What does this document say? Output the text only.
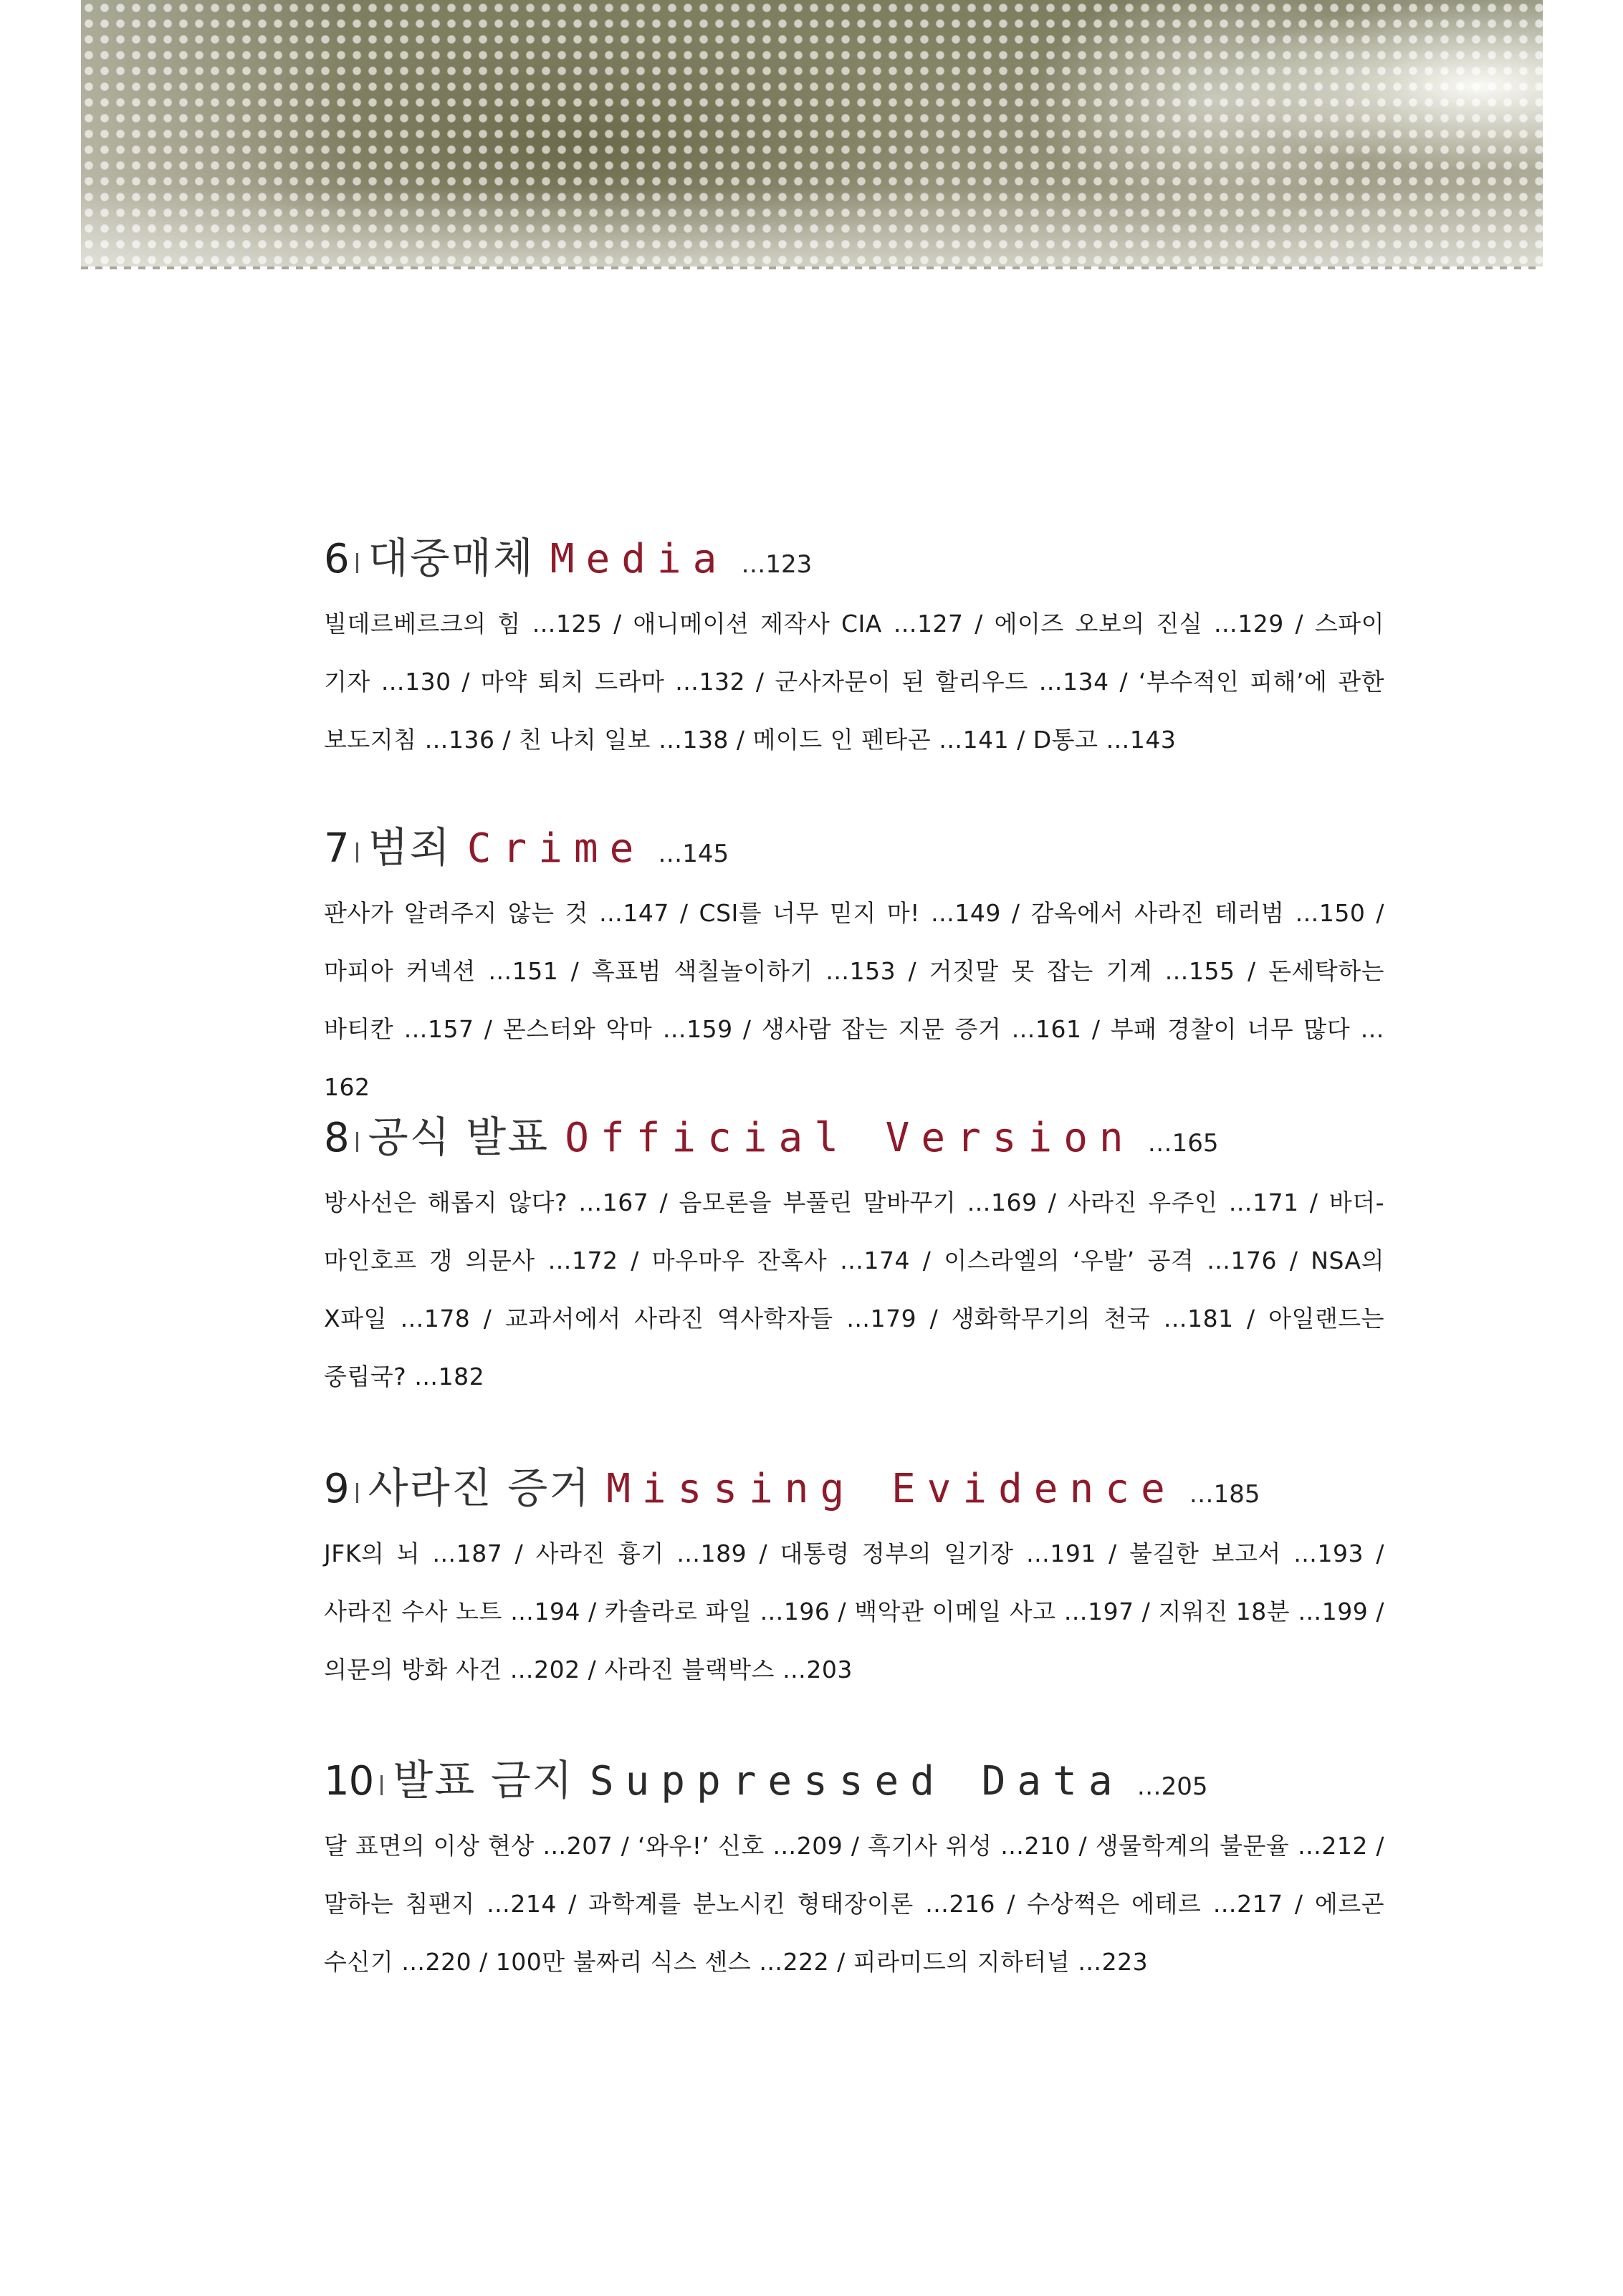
6 대중매체 Media …123

빌데르베르크의 힘 …125 / 애니메이션 제작사 CIA …127 / 에이즈 오보의 진실 …129 / 스파이 기자 …130 / 마약 퇴치 드라마 …132 / 군사자문이 된 할리우드 …134 / ‘부수적인 피해’에 관한 보도지침 …136 / 친 나치 일보 …138 / 메이드 인 펜타곤 …141 / D통고 …143

7 범죄 Crime …145

판사가 알려주지 않는 것 …147 / CSI를 너무 믿지 마! …149 / 감옥에서 사라진 테러범 …150 / 마피아 커넥션 …151 / 흑표범 색칠놀이하기 …153 / 거짓말 못 잡는 기계 …155 / 돈세탁하는 바티칸 …157 / 몬스터와 악마 …159 / 생사람 잡는 지문 증거 …161 / 부패 경찰이 너무 많다 …162

8 공식 발표 Official Version …165

방사선은 해롭지 않다? …167 / 음모론을 부풀린 말바꾸기 …169 / 사라진 우주인 …171 / 바더-마인호프 갱 의문사 …172 / 마우마우 잔혹사 …174 / 이스라엘의 ‘우발’ 공격 …176 / NSA의 X파일 …178 / 교과서에서 사라진 역사학자들 …179 / 생화학무기의 천국 …181 / 아일랜드는 중립국? …182

9 사라진 증거 Missing Evidence …185

JFK의 뇌 …187 / 사라진 흉기 …189 / 대통령 정부의 일기장 …191 / 불길한 보고서 …193 / 사라진 수사 노트 …194 / 카솔라로 파일 …196 / 백악관 이메일 사고 …197 / 지워진 18분 …199 / 의문의 방화 사건 …202 / 사라진 블랙박스 …203

10 발표 금지 Suppressed Data …205

달 표면의 이상 현상 …207 / ‘와우!’ 신호 …209 / 흑기사 위성 …210 / 생물학계의 불문율 …212 / 말하는 침팬지 …214 / 과학계를 분노시킨 형태장이론 …216 / 수상쩍은 에테르 …217 / 에르곤 수신기 …220 / 100만 불짜리 식스 센스 …222 / 피라미드의 지하터널 …223
